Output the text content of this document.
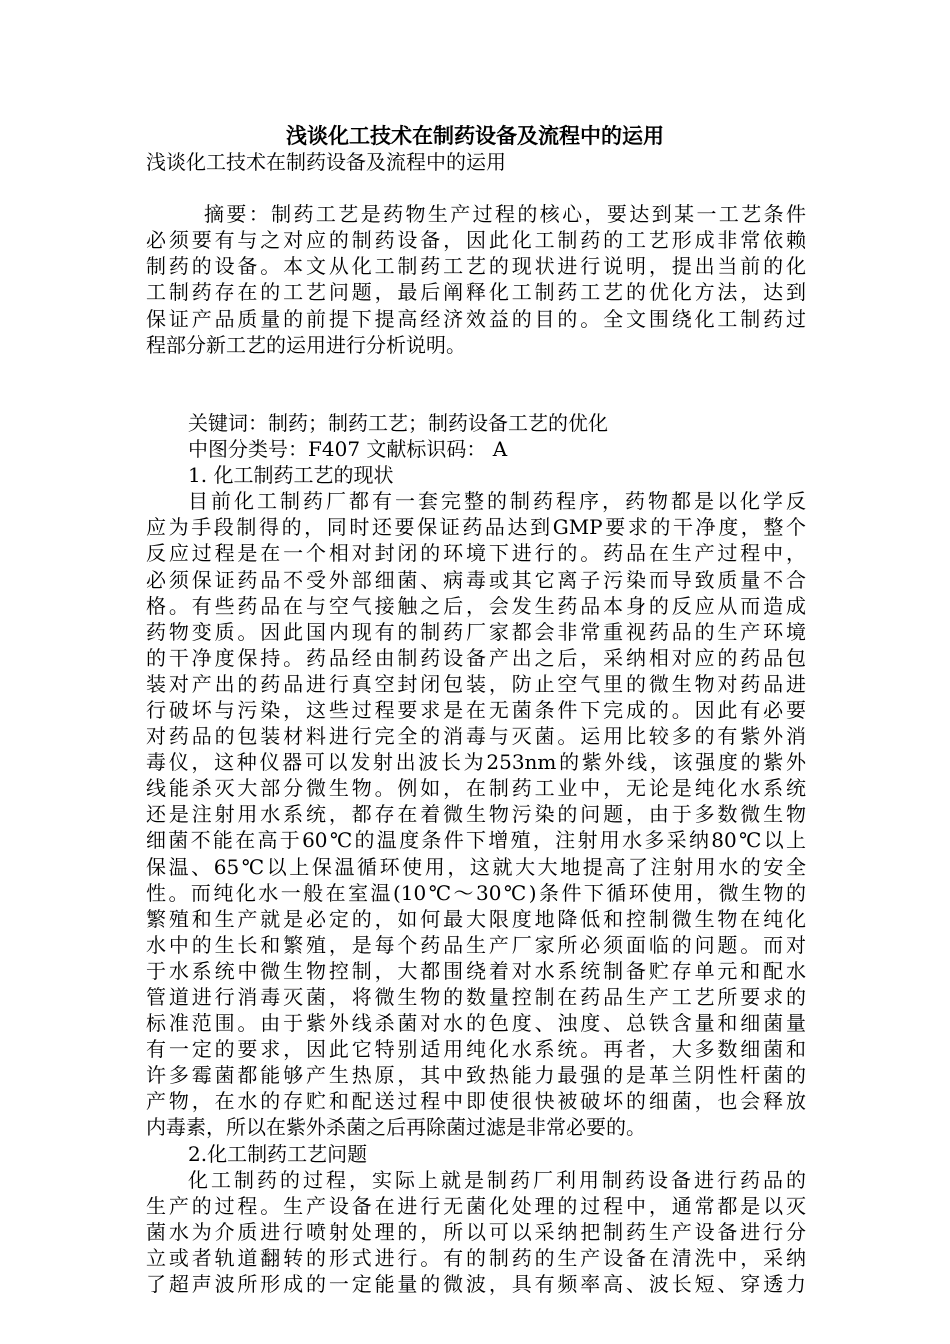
浅谈化工技术在制药设备及流程中的运用
浅谈化工技术在制药设备及流程中的运用
摘要：制药工艺是药物生产过程的核心，要达到某一工艺条件
必须要有与之对应的制药设备，因此化工制药的工艺形成非常依赖
制药的设备。本文从化工制药工艺的现状进行说明，提出当前的化
工制药存在的工艺问题，最后阐释化工制药工艺的优化方法，达到
保证产品质量的前提下提高经济效益的目的。全文围绕化工制药过
程部分新工艺的运用进行分析说明。
关键词：制药；制药工艺；制药设备工艺的优化
中图分类号：F407 文献标识码： A
1. 化工制药工艺的现状
目前化工制药厂都有一套完整的制药程序，药物都是以化学反
应为手段制得的，同时还要保证药品达到GMP要求的干净度，整个
反应过程是在一个相对封闭的环境下进行的。药品在生产过程中，
必须保证药品不受外部细菌、病毒或其它离子污染而导致质量不合
格。有些药品在与空气接触之后，会发生药品本身的反应从而造成
药物变质。因此国内现有的制药厂家都会非常重视药品的生产环境
的干净度保持。药品经由制药设备产出之后，采纳相对应的药品包
装对产出的药品进行真空封闭包装，防止空气里的微生物对药品进
行破坏与污染，这些过程要求是在无菌条件下完成的。因此有必要
对药品的包装材料进行完全的消毒与灭菌。运用比较多的有紫外消
毒仪，这种仪器可以发射出波长为253nm的紫外线，该强度的紫外
线能杀灭大部分微生物。例如，在制药工业中，无论是纯化水系统
还是注射用水系统，都存在着微生物污染的问题，由于多数微生物
细菌不能在高于60℃的温度条件下增殖，注射用水多采纳80℃以上
保温、65℃以上保温循环使用，这就大大地提高了注射用水的安全
性。而纯化水一般在室温(10℃～30℃)条件下循环使用，微生物的
繁殖和生产就是必定的，如何最大限度地降低和控制微生物在纯化
水中的生长和繁殖，是每个药品生产厂家所必须面临的问题。而对
于水系统中微生物控制，大都围绕着对水系统制备贮存单元和配水
管道进行消毒灭菌，将微生物的数量控制在药品生产工艺所要求的
标准范围。由于紫外线杀菌对水的色度、浊度、总铁含量和细菌量
有一定的要求，因此它特别适用纯化水系统。再者，大多数细菌和
许多霉菌都能够产生热原，其中致热能力最强的是革兰阴性杆菌的
产物，在水的存贮和配送过程中即使很快被破坏的细菌，也会释放
内毒素，所以在紫外杀菌之后再除菌过滤是非常必要的。
2.化工制药工艺问题
化工制药的过程，实际上就是制药厂利用制药设备进行药品的
生产的过程。生产设备在进行无菌化处理的过程中，通常都是以灭
菌水为介质进行喷射处理的，所以可以采纳把制药生产设备进行分
立或者轨道翻转的形式进行。有的制药的生产设备在清洗中，采纳
了超声波所形成的一定能量的微波，具有频率高、波长短、穿透力
